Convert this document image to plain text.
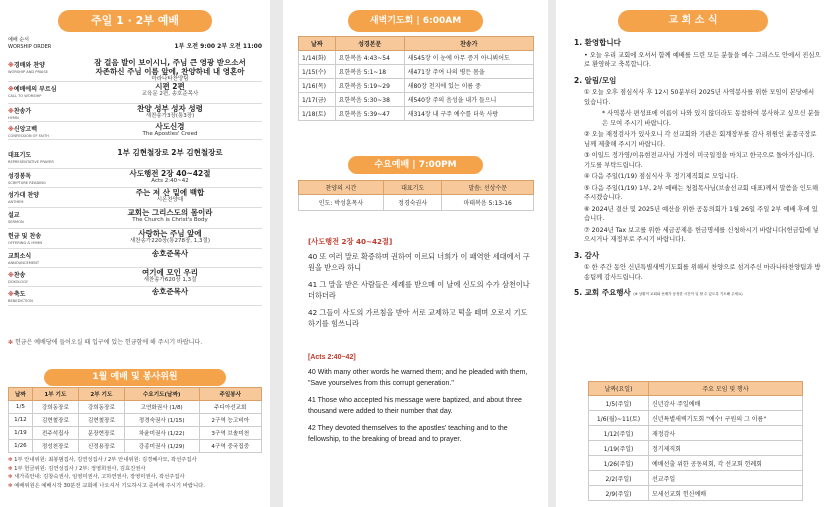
주일 1 · 2부 예배
예배 순서
WORSHIP ORDER	1부 오전 9:00 2부 오전 11:00
※경배와 찬양
WORSHIP AND PRAISE
잠 걸음 발이 보이시니, 주님 큰 영광 받으소서
자존하신 주님 이름 앞에, 찬양하네 내 영혼아
마라나타찬양팀
※예배에의 부르심
CALL TO WORSHIP
시편 2편
교육문 2편, 송호준목사
※찬송가
HYMN
찬양 성부 성자 성령
새찬송가3장(통3장)
※신앙고백
CONFESSION OF FAITH
사도신경
The Apostles' Creed
대표기도
REPRESENTATIVE PRAYER
1부 김현철장로 2부 김현철장로
성경봉독
SCRIPTURE READING
사도행전 2장 40~42절
Acts 2:40~42
성가대 찬양
ANTHEM
주는 저 산 밑에 백합
시온찬양대
설교
SERMON
교회는 그리스도의 몸이라
The Church is Christ's Body
헌금 및 찬송
OFFERING & HYMN
사랑하는 주님 앞에
새찬송가220장(통278장, 1,3절)
교회소식
ANNOUNCEMENT
송호준목사
※찬송
DOXOLOGY
여기에 모인 우리
새찬송가620장 1,3절
※축도
BENEDICTION
송호준목사
✻ 헌금은 예배당에 들어오실 때 입구에 있는 헌금함에 해 주시기 바랍니다.
1월 예배 및 봉사위원
날짜	1부 기도	2부 기도	수요기도(날짜)	주일봉사
1/5	강희동장로	강희동장로	고연화권사 (1/8)	주디아선교회
1/12	김현철장로	김현철장로	정경숙권사 (1/15)	2구역 능고비아
1/19	전주석집사	문장현장로	차윤미권사 (1/22)	3구역 브솔미천
1/26	정성천장로	신정용장로	강종미권사 (1/29)	4구역 중국집중
✻ 1부 안내위원: 최봉범집사, 김연성집사 / 2부 안내위원: 김경혜사모, 곽선주집사
✻ 1부 헌금위원: 김연성집사 / 2부: 정영희권사, 김효진권사
✻ 새가족안내: 김창숙권사, 임영미권사, 고하연권사, 장영미권사, 곽선주집사
✻ 예배위원은 예배시작 30분전 교회에 나오셔서 기도하시고 준비해 주시기 바랍니다.
새벽기도회 | 6:00AM
날짜	성경본문	찬송가
1/14(화)	요한복음 4:43~54	새545장 이 눈에 아무 증거 아니뵈어도
1/15(수)	요한복음 5:1~18	새471장 주여 나의 병든 몸을
1/16(목)	요한복음 5:19~29	새80장 천지에 있는 이름 중
1/17(금)	요한복음 5:30~38	새540장 주의 음성을 내가 들으니
1/18(토)	요한복음 5:39~47	새314장 내 구주 예수를 더욱 사랑
수요예배 | 7:00PM
찬양의 시간	대표기도	말씀: 선상수문
인도: 박성훈목사	정경숙권사	마태복음 5:13-16
[사도행전 2장 40~42절]
40 또 여러 말로 확증하며 권하여 이르되 너희가 이 패역한 세대에서 구원을 받으라 하니
41 그 말을 받은 사람들은 세례를 받으매 이 날에 신도의 수가 삼천이나 더하더라
42 그들이 사도의 가르침을 받아 서로 교제하고 떡을 떼며 오로지 기도하기를 힘쓰니라
[Acts 2:40~42]
40 With many other words he warned them; and he pleaded with them, "Save yourselves from this corrupt generation."
41 Those who accepted his message were baptized, and about three thousand were added to their number that day.
42 They devoted themselves to the apostles' teaching and to the fellowship, to the breaking of bread and to prayer.
교 회 소 식
1. 환영합니다

• 오늘 우리 교회에 오셔서 함께 예배를 드린 모든 분들을 예수 그리스도 안에서 진심으로 환영하고 축복합니다.

2. 알림/모임

① 오늘 오후 점심식사 후 12시 50분부터 2025년 사역봉사를 위한 모임이 본당에서 있습니다.

* 사역봉사 편성표에 이름이 나와 있지 않더라도 동참하여 봉사하고 싶으신 분들은 모여 주시기 바랍니다.

② 오늘 재정검사가 있사오니 각 선교회와 기관은 회계장부를 감사 위원인 윤종국장로님께 제출해 주시기 바랍니다.

③ 이일드 정가영/이유현전교사님 가정이 미국일정을 마치고 한국으로 돌아가십니다. 기도를 부탁드립니다.

④ 다음 주일(1/19) 점심식사 후 정기제직회로 모입니다.

⑤ 다음 주일(1/19) 1부, 2부 예배는 청첩목사님(브솔선교회 대표)께서 말씀을 인도해 주시겠습니다.

⑥ 2024년 결산 및 2025년 예산을 위한 공동의회가 1월 26일 주일 2부 예배 후에 있습니다.

⑦ 2024년 Tax 보고를 위한 세금공제용 헌금명세를 신청하시기 바랍니다(헌금함에 넣으시거나 재정부로 주시기 바랍니다).

3. 감사

① 한 주간 동안 신년특별새벽기도회를 위해서 찬양으로 섬겨주신 마라나타찬양팀과 방송팀께 감사드립니다.

5. 교회 주요행사 (※ 상황이 교회와 선배가 동정한 시간이 일 할 수 있도록 기도해 주세요)
날짜(요일)	주요 모임 및 행사
1/5(주일)	신년감사 주일예배
1/6(월)~11(토)	신년특별새벽기도회 "예수! 구원의 그 이름"
1/12(주일)	재정감사
1/19(주일)	정기제직회
1/26(주일)	예배선출 위한 공동의회, 각 선교회 헌례회
2/2(주일)	선교주일
2/9(주일)	모세선교회 헌신예배
